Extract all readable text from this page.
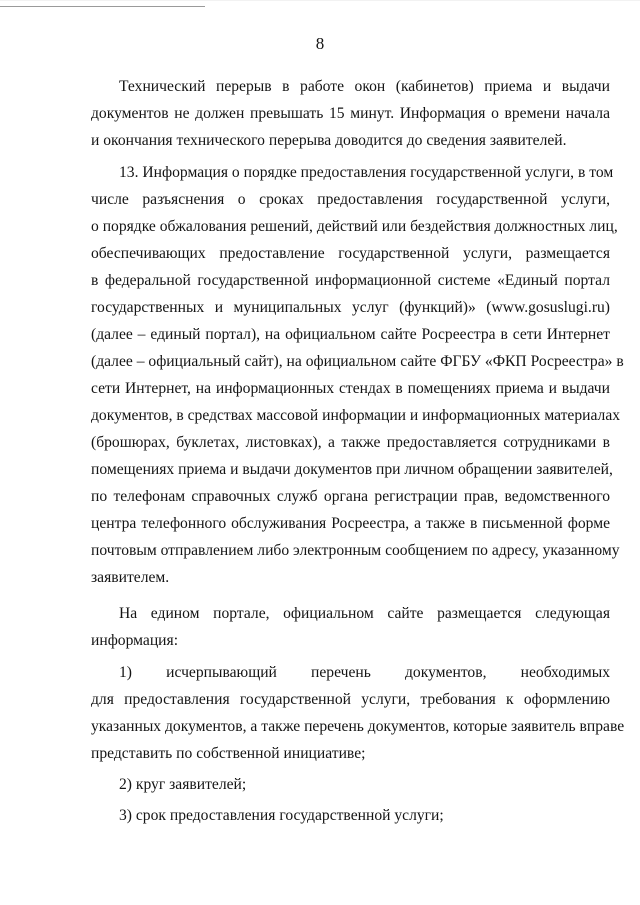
8
Технический перерыв в работе окон (кабинетов) приема и выдачи
документов не должен превышать 15 минут. Информация о времени начала
и окончания технического перерыва доводится до сведения заявителей.
13. Информация о порядке предоставления государственной услуги, в том
числе разъяснения о сроках предоставления государственной услуги,
о порядке обжалования решений, действий или бездействия должностных лиц,
обеспечивающих предоставление государственной услуги, размещается
в федеральной государственной информационной системе «Единый портал
государственных и муниципальных услуг (функций)» (www.gosuslugi.ru)
(далее – единый портал), на официальном сайте Росреестра в сети Интернет
(далее – официальный сайт), на официальном сайте ФГБУ «ФКП Росреестра» в
сети Интернет, на информационных стендах в помещениях приема и выдачи
документов, в средствах массовой информации и информационных материалах
(брошюрах, буклетах, листовках), а также предоставляется сотрудниками в
помещениях приема и выдачи документов при личном обращении заявителей,
по телефонам справочных служб органа регистрации прав, ведомственного
центра телефонного обслуживания Росреестра, а также в письменной форме
почтовым отправлением либо электронным сообщением по адресу, указанному
заявителем.
На едином портале, официальном сайте размещается следующая
информация:
1) исчерпывающий перечень документов, необходимых
для предоставления государственной услуги, требования к оформлению
указанных документов, а также перечень документов, которые заявитель вправе
представить по собственной инициативе;
2) круг заявителей;
3) срок предоставления государственной услуги;
